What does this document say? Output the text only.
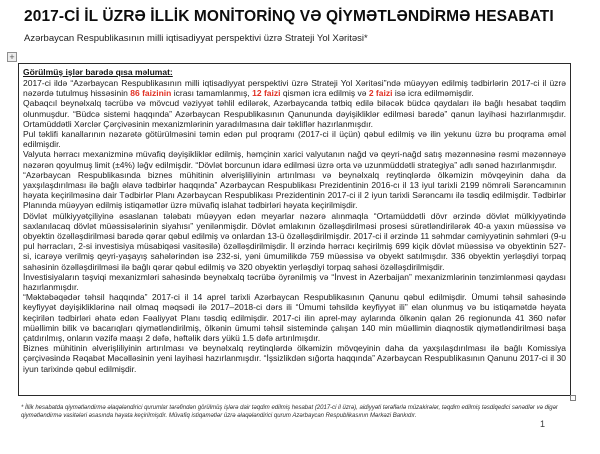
2017-Cİ İL ÜZRƏ İLLİK MONİTORİNQ VƏ QİYMƏTLƏNDİRMƏ HESABATI
Azərbaycan Respublikasının milli iqtisadiyyat perspektivi üzrə Strateji Yol Xəritəsi*
+
Görülmüş işlər barədə qısa məlumat:

2017-ci ildə “Azərbaycan Respublikasının milli iqtisadiyyat perspektivi üzrə Strateji Yol Xəritəsi”ndə müəyyən edilmiş tədbirlərin 2017-ci il üzrə nəzərdə tutulmuş hissəsinin 86 faizinin icrası tamamlanmış, 12 faizi qismən icra edilmiş və 2 faizi isə icra edilməmişdir.

Qabaqcıl beynəlxalq təcrübə və mövcud vəziyyət təhlil edilərək, Azərbaycanda tətbiq edilə biləcək büdcə qaydaları ilə bağlı hesabat təqdim olunmuşdur. “Büdcə sistemi haqqında” Azərbaycan Respublikasının Qanununda dəyişikliklər edilməsi barədə” qanun layihəsi hazırlanmışdır. Ortamüddətli Xərclər Çərçivəsinin mexanizmlərinin yaradılmasına dair təkliflər hazırlanmışdır.

Pul təklifi kanallarının nəzarətə götürülməsini təmin edən pul proqramı (2017-ci il üçün) qəbul edilmiş və ilin yekunu üzrə bu proqrama əməl edilmişdir.

Valyuta hərracı mexanizminə müvafiq dəyişikliklər edilmiş, həmçinin xarici valyutanın nağd və qeyri-nağd satış məzənnəsinə rəsmi məzənnəyə nəzərən qoyulmuş limit (±4%) ləğv edilmişdir. “Dövlət borcunun idarə edilməsi üzrə orta və uzunmüddətli strategiya” adlı sənəd hazırlanmışdır.

“Azərbaycan Respublikasında biznes mühitinin əlverişliliyinin artırılması və beynəlxalq reytinqlərdə ölkəmizin mövqeyinin daha da yaxşılaşdırılması ilə bağlı əlavə tədbirlər haqqında” Azərbaycan Respublikası Prezidentinin 2016-cı il 13 iyul tarixli 2199 nömrəli Sərəncamının həyata keçirilməsinə dair Tədbirlər Planı Azərbaycan Respublikası Prezidentinin 2017-ci il 2 iyun tarixli Sərəncamı ilə təsdiq edilmişdir. Tədbirlər Planında müəyyən edilmiş istiqamətlər üzrə müvafiq islahat tədbirləri həyata keçirilmişdir.

Dövlət mülkiyyətçiliyinə əsaslanan tələbatı müəyyən edən meyarlar nəzərə alınmaqla “Ortamüddətli dövr ərzində dövlət mülkiyyətində saxlanılacaq dövlət müəssisələrinin siyahısı” yenilənmişdir. Dövlət əmlakının özəlləşdirilməsi prosesi sürətləndirilərək 40-a yaxın müəssisə və obyektin özəlləşdirilməsi barədə qərar qəbul edilmiş və onlardan 13-ü özəlləşdirilmişdir. 2017-ci il ərzində 11 səhmdar cəmiyyətinin səhmləri (9-u pul hərracları, 2-si investisiya müsabiqəsi vasitəsilə) özəlləşdirilmişdir. İl ərzində hərracı keçirilmiş 699 kiçik dövlət müəssisə və obyektinin 527-si, icarəyə verilmiş qeyri-yaşayış sahələrindən isə 232-si, yəni ümumilikdə 759 müəssisə və obyekt satılmışdır. 336 obyektin yerləşdiyi torpaq sahəsinin özəlləşdirilməsi ilə bağlı qərar qəbul edilmiş və 320 obyektin yerləşdiyi torpaq sahəsi özəlləşdirilmişdir.

İnvestisiyaların təşviqi mexanizmləri sahəsində beynəlxalq təcrübə öyrənilmiş və “İnvest in Azerbaijan” mexanizmlərinin tənzimlənməsi qaydası hazırlanmışdır.

“Məktəbəqədər təhsil haqqında” 2017-ci il 14 aprel tarixli Azərbaycan Respublikasının Qanunu qəbul edilmişdir. Ümumi təhsil sahəsində keyfiyyət dəyişikliklərinə nail olmaq məqsədi ilə 2017–2018-ci dərs ili “Ümumi təhsildə keyfiyyət ili” elan olunmuş və bu istiqamətdə həyata keçirilən tədbirləri əhatə edən Fəaliyyət Planı təsdiq edilmişdir. 2017-ci ilin aprel-may aylarında ölkənin qalan 26 regionunda 41 360 nəfər müəllimin bilik və bacarıqları qiymətləndirilmiş, ölkənin ümumi təhsil sistemində çalışan 140 min müəllimin diaqnostik qiymətləndirilməsi başa çatdırılmış, onların vəzifə maaşı 2 dəfə, həftəlik dərs yükü 1.5 dəfə artırılmışdır.

Biznes mühitinin əlverişliliyinin artırılması və beynəlxalq reytinqlərdə ölkəmizin mövqeyinin daha da yaxşılaşdırılması ilə bağlı Komissiya çərçivəsində Rəqabət Məcəlləsinin yeni layihəsi hazırlanmışdır. “İşsizlikdən sığorta haqqında” Azərbaycan Respublikasının Qanunu 2017-ci il 30 iyun tarixində qəbul edilmişdir.

* İllik hesabatda qiymətləndirmə əlaqələndirici qurumlar tərəfindən görülmüş işlərə dair təqdim edilmiş hesabat (2017-ci il üzrə), aidiyyəti tərəflərlə müzakirələr, təqdim edilmiş təsdiqedici sənədlər və digər qiymətləndirmə vasitələri əsasında həyata keçirilmişdir. Müvafiq istiqamətlər üzrə əlaqələndirici qurum Azərbaycan Respublikasının Mərkəzi Bankıdır.
1
